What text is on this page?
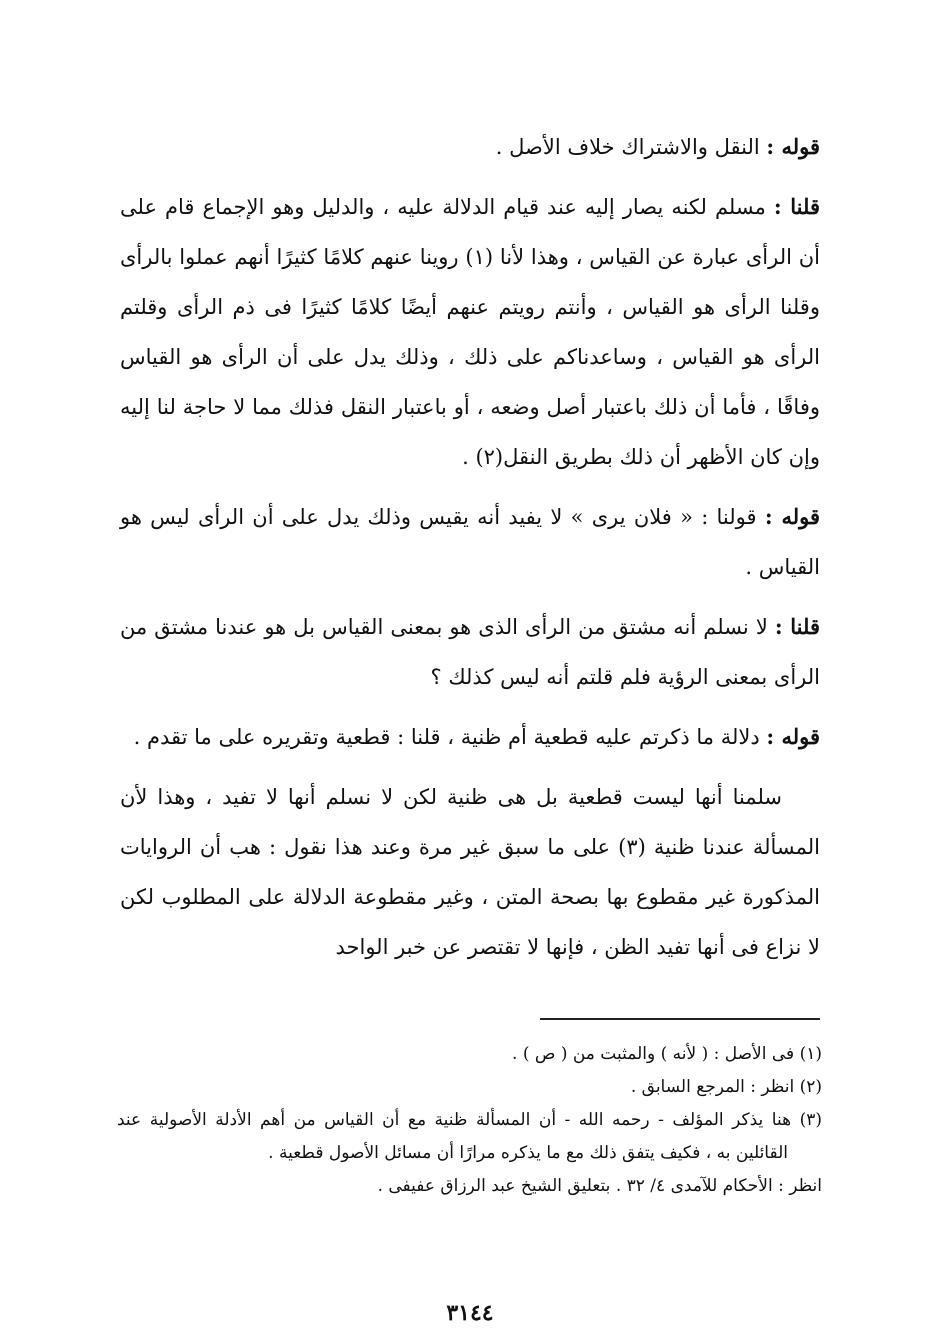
قوله : النقل والاشتراك خلاف الأصل .

قلنا : مسلم لكنه يصار إليه عند قيام الدلالة عليه ، والدليل وهو الإجماع قام على أن الرأى عبارة عن القياس ، وهذا لأنا (١) روينا عنهم كلامًا كثيرًا أنهم عملوا بالرأى وقلنا الرأى هو القياس ، وأنتم رويتم عنهم أيضًا كلامًا كثيرًا فى ذم الرأى وقلتم الرأى هو القياس ، وساعدناكم على ذلك ، وذلك يدل على أن الرأى هو القياس وفاقًا ، فأما أن ذلك باعتبار أصل وضعه ، أو باعتبار النقل فذلك مما لا حاجة لنا إليه وإن كان الأظهر أن ذلك بطريق النقل(٢) .

قوله : قولنا : « فلان يرى » لا يفيد أنه يقيس وذلك يدل على أن الرأى ليس هو القياس .

قلنا : لا نسلم أنه مشتق من الرأى الذى هو بمعنى القياس بل هو عندنا مشتق من الرأى بمعنى الرؤية فلم قلتم أنه ليس كذلك ؟

قوله : دلالة ما ذكرتم عليه قطعية أم ظنية ، قلنا : قطعية وتقريره على ما تقدم .

سلمنا أنها ليست قطعية بل هى ظنية لكن لا نسلم أنها لا تفيد ، وهذا لأن المسألة عندنا ظنية (٣) على ما سبق غير مرة وعند هذا نقول : هب أن الروايات المذكورة غير مقطوع بها بصحة المتن ، وغير مقطوعة الدلالة على المطلوب لكن لا نزاع فى أنها تفيد الظن ، فإنها لا تقتصر عن خبر الواحد

(١) فى الأصل : ( لأنه ) والمثبت من ( ص ) .

(٢) انظر : المرجع السابق .

(٣) هنا يذكر المؤلف - رحمه الله - أن المسألة ظنية مع أن القياس من أهم الأدلة الأصولية عند القائلين به ، فكيف يتفق ذلك مع ما يذكره مرارًا أن مسائل الأصول قطعية .

انظر : الأحكام للآمدى ٤/ ٣٢ . بتعليق الشيخ عبد الرزاق عفيفى .

٣١٤٤
